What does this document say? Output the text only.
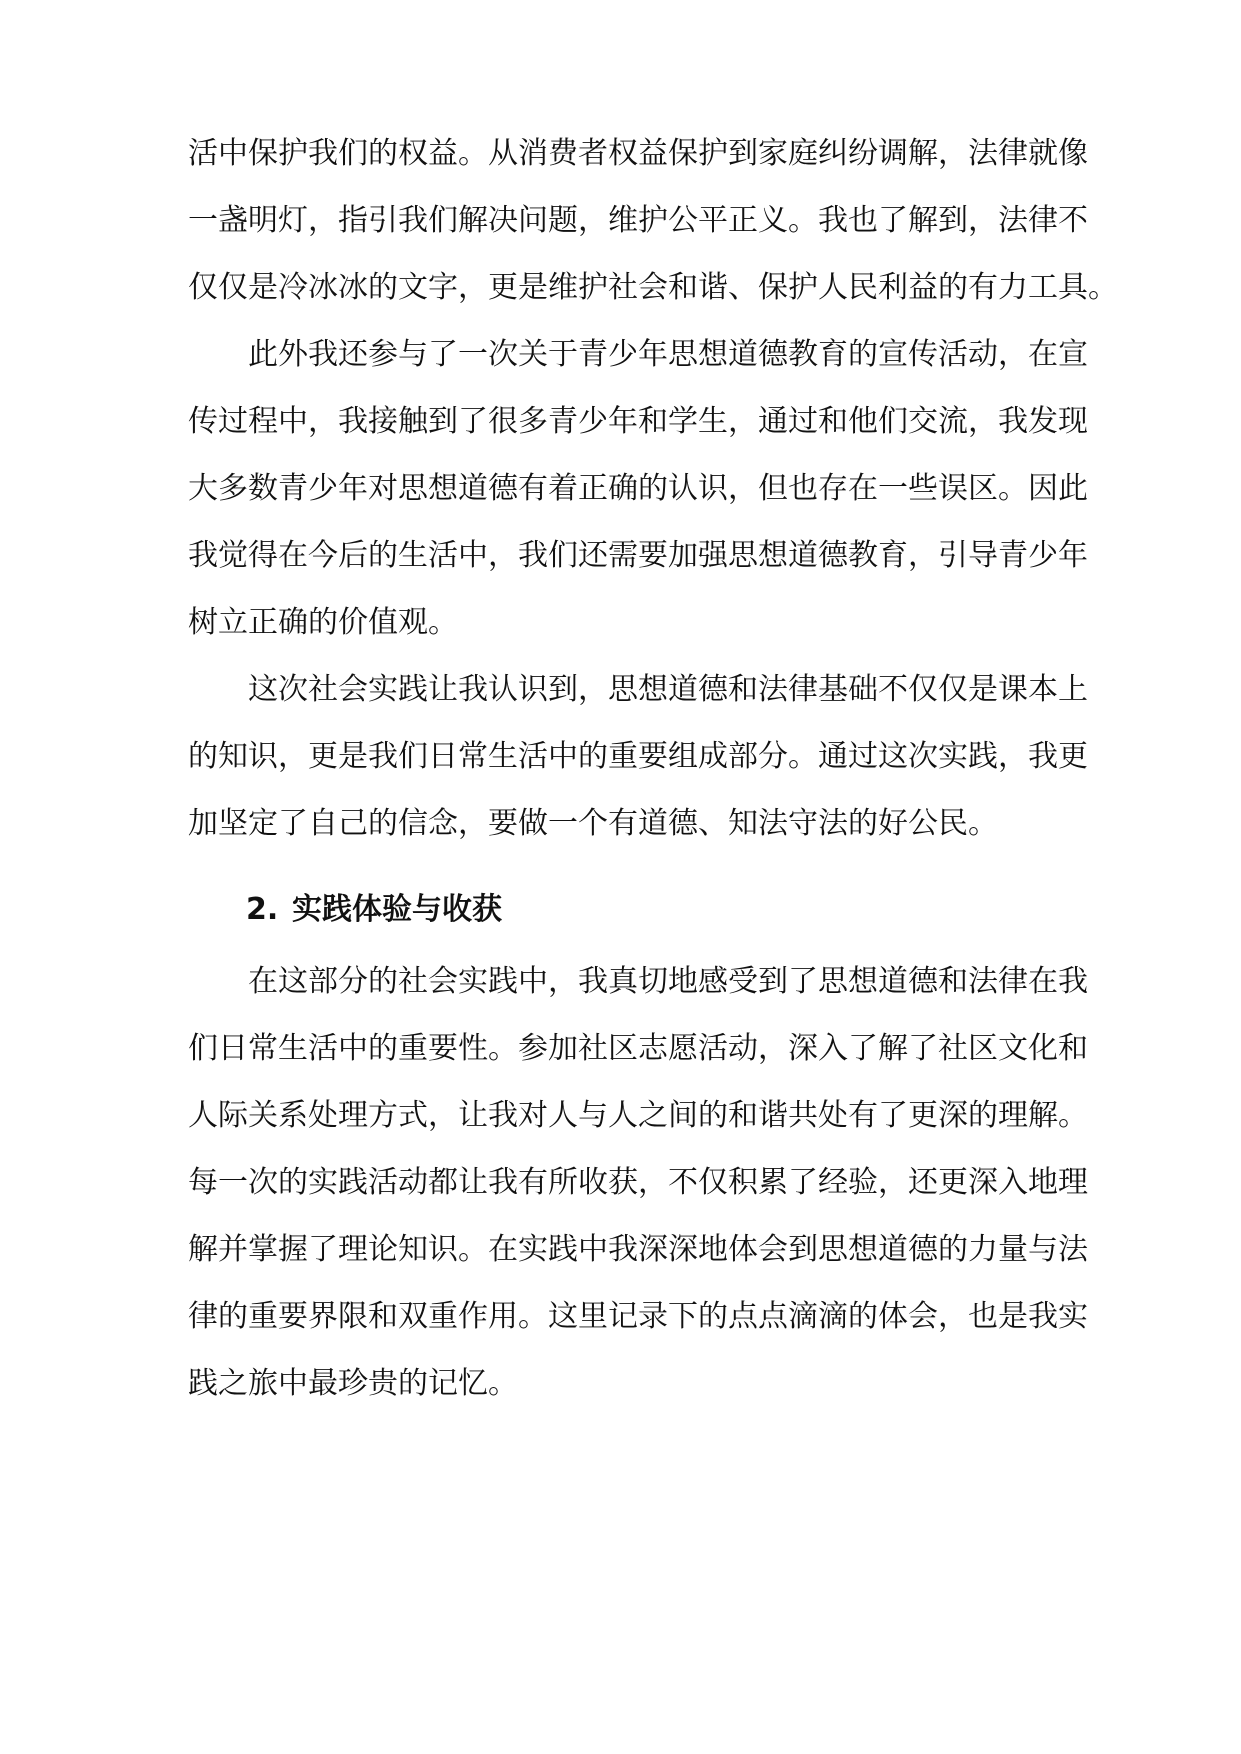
活中保护我们的权益。从消费者权益保护到家庭纠纷调解，法律就像
一盏明灯，指引我们解决问题，维护公平正义。我也了解到，法律不
仅仅是冷冰冰的文字，更是维护社会和谐、保护人民利益的有力工具。
　　此外我还参与了一次关于青少年思想道德教育的宣传活动，在宣
传过程中，我接触到了很多青少年和学生，通过和他们交流，我发现
大多数青少年对思想道德有着正确的认识，但也存在一些误区。因此
我觉得在今后的生活中，我们还需要加强思想道德教育，引导青少年
树立正确的价值观。
　　这次社会实践让我认识到，思想道德和法律基础不仅仅是课本上
的知识，更是我们日常生活中的重要组成部分。通过这次实践，我更
加坚定了自己的信念，要做一个有道德、知法守法的好公民。
2. 实践体验与收获
　　在这部分的社会实践中，我真切地感受到了思想道德和法律在我
们日常生活中的重要性。参加社区志愿活动，深入了解了社区文化和
人际关系处理方式，让我对人与人之间的和谐共处有了更深的理解。
每一次的实践活动都让我有所收获，不仅积累了经验，还更深入地理
解并掌握了理论知识。在实践中我深深地体会到思想道德的力量与法
律的重要界限和双重作用。这里记录下的点点滴滴的体会，也是我实
践之旅中最珍贵的记忆。
